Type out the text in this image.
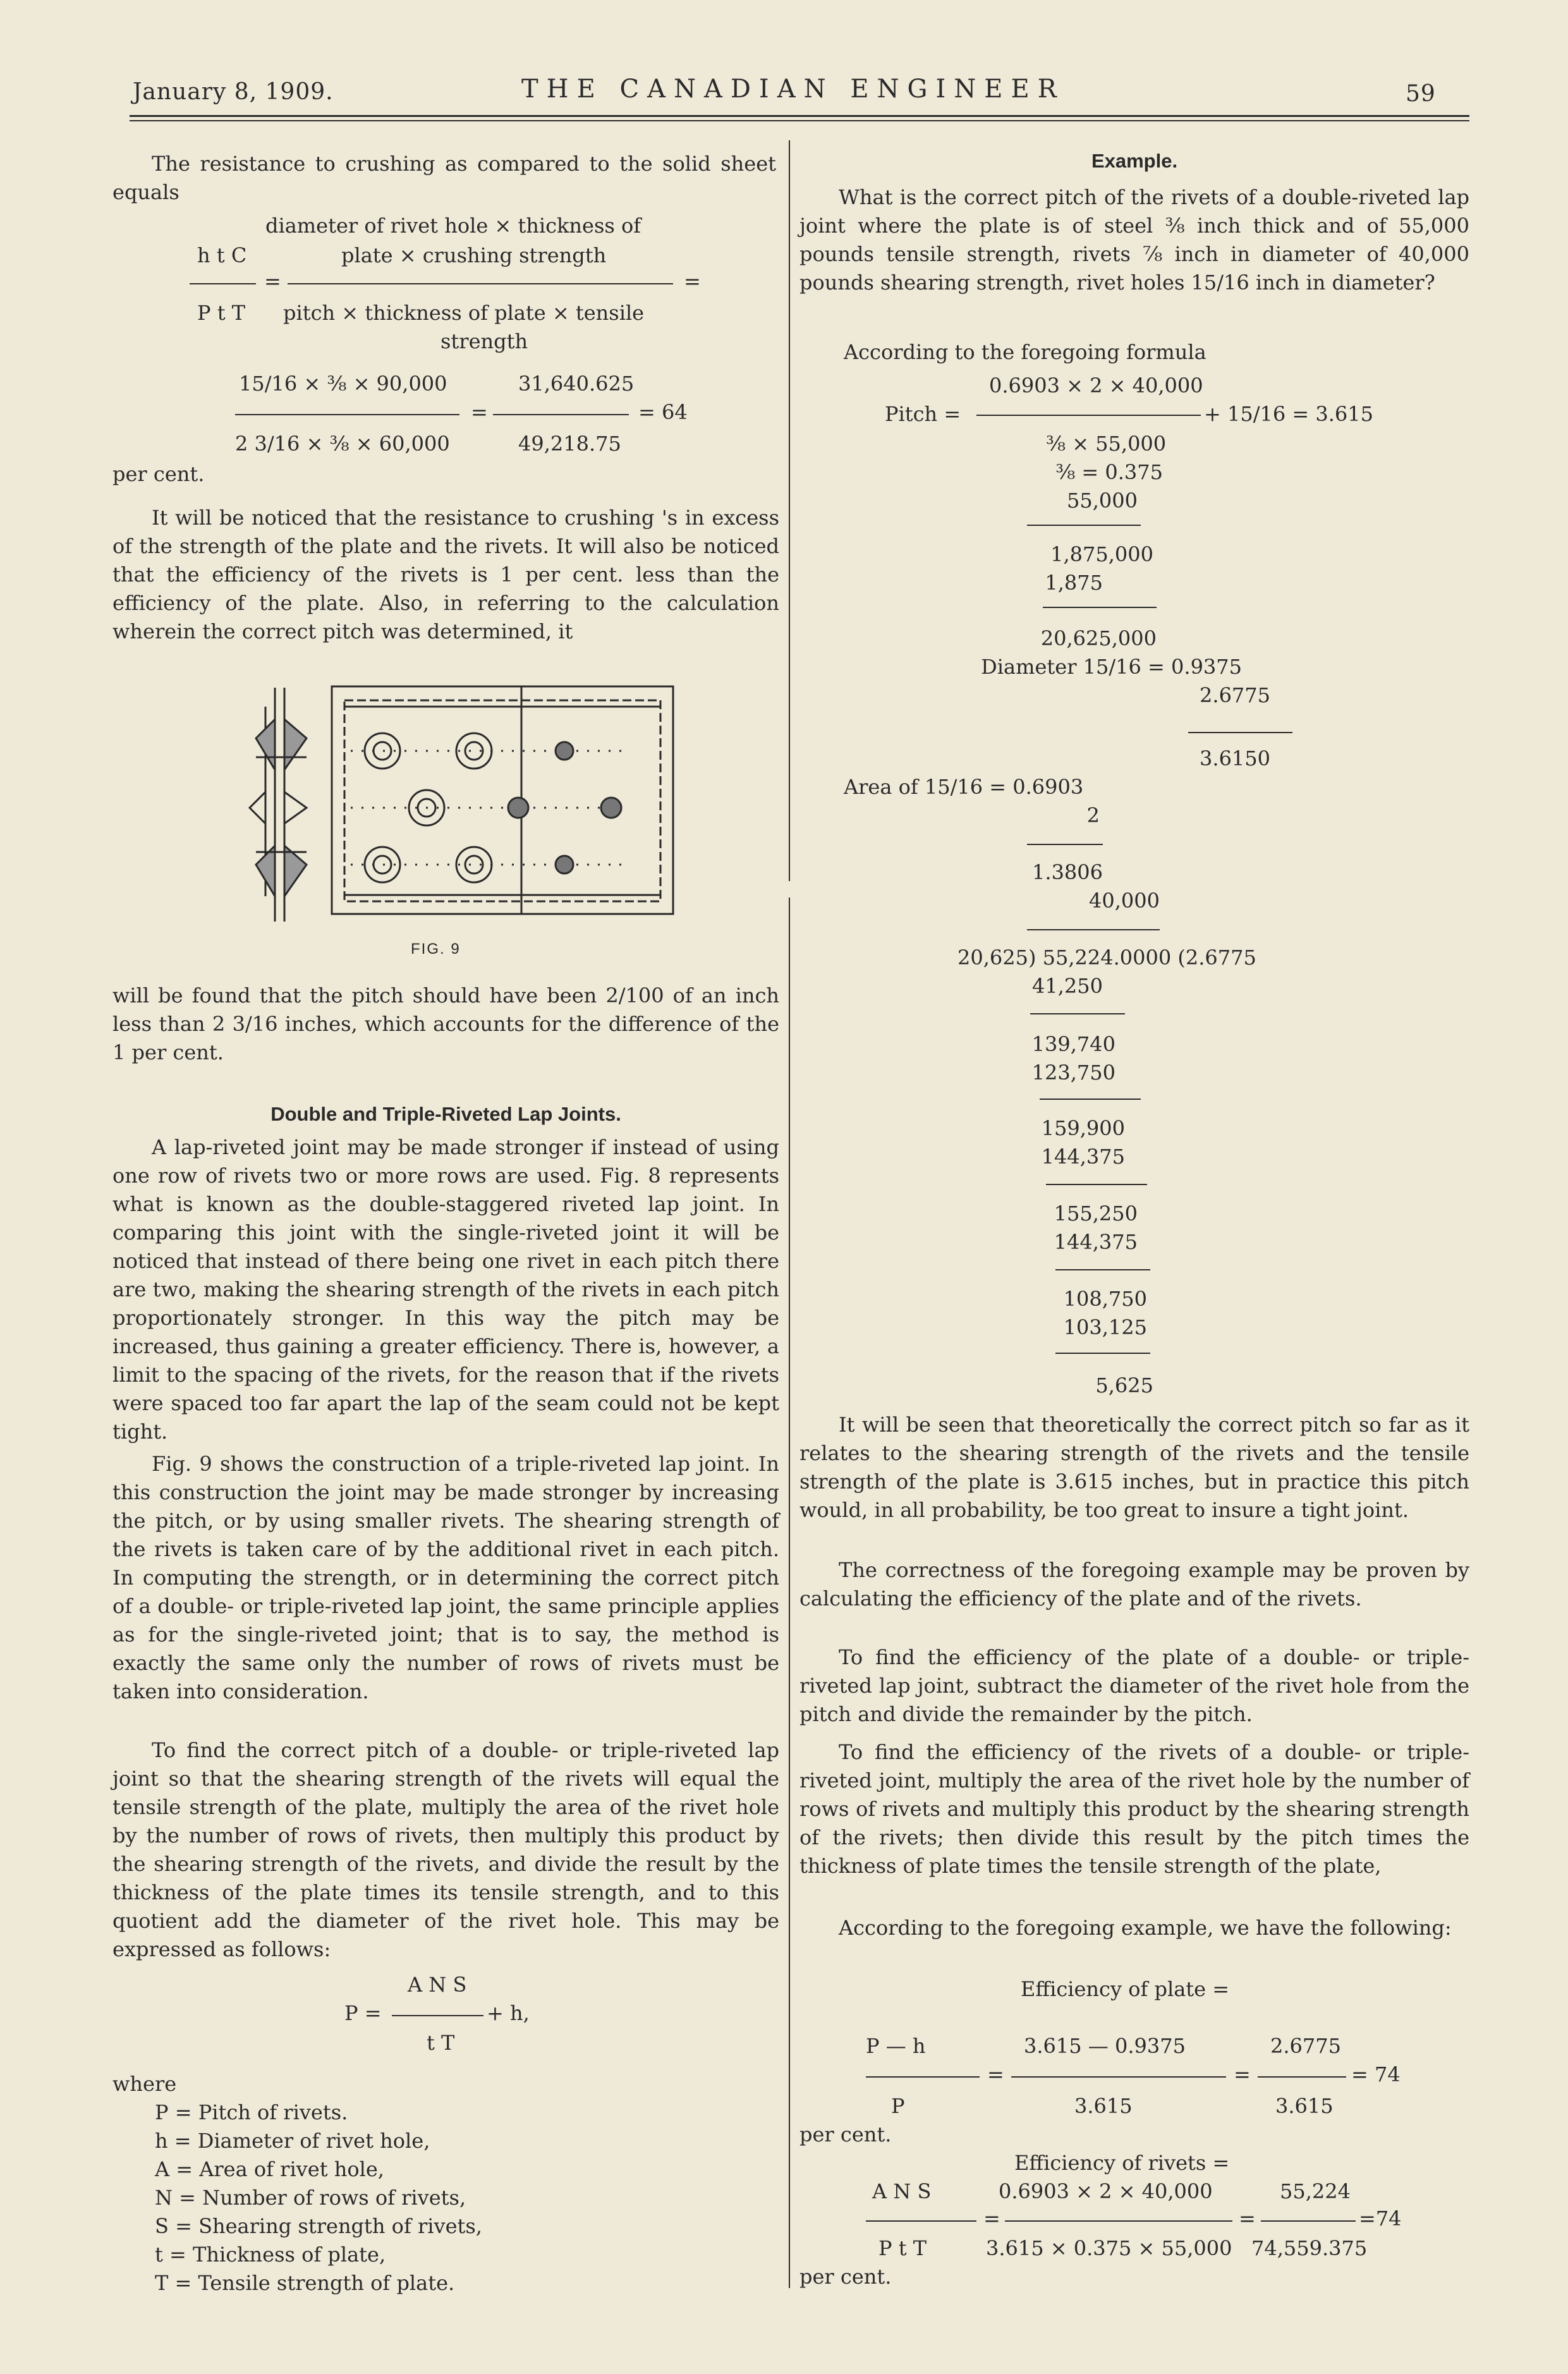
January 8, 1909.	THE CANADIAN ENGINEER	59
The resistance to crushing as compared to the solid sheet equals
diameter of rivet hole × thickness of
h t C	plate × crushing strength
=	=
P t T pitch × thickness of plate × tensile
strength
15/16 × ⅜ × 90,000	31,640.625
=	= 64
2 3/16 × ⅜ × 60,000	49,218.75
per cent.
It will be noticed that the resistance to crushing 's in excess of the strength of the plate and the rivets. It will also be noticed that the efficiency of the rivets is 1 per cent. less than the efficiency of the plate. Also, in referring to the calculation wherein the correct pitch was determined, it
FIG. 9
will be found that the pitch should have been 2/100 of an inch less than 2 3/16 inches, which accounts for the difference of the 1 per cent.
Double and Triple-Riveted Lap Joints.
A lap-riveted joint may be made stronger if instead of using one row of rivets two or more rows are used. Fig. 8 represents what is known as the double-staggered riveted lap joint. In comparing this joint with the single-riveted joint it will be noticed that instead of there being one rivet in each pitch there are two, making the shearing strength of the rivets in each pitch proportionately stronger. In this way the pitch may be increased, thus gaining a greater efficiency. There is, however, a limit to the spacing of the rivets, for the reason that if the rivets were spaced too far apart the lap of the seam could not be kept tight.
Fig. 9 shows the construction of a triple-riveted lap joint. In this construction the joint may be made stronger by increasing the pitch, or by using smaller rivets. The shearing strength of the rivets is taken care of by the additional rivet in each pitch. In computing the strength, or in determining the correct pitch of a double- or triple-riveted lap joint, the same principle applies as for the single-riveted joint; that is to say, the method is exactly the same only the number of rows of rivets must be taken into consideration.
To find the correct pitch of a double- or triple-riveted lap joint so that the shearing strength of the rivets will equal the tensile strength of the plate, multiply the area of the rivet hole by the number of rows of rivets, then multiply this product by the shearing strength of the rivets, and divide the result by the thickness of the plate times its tensile strength, and to this quotient add the diameter of the rivet hole. This may be expressed as follows:
A N S
P =	+ h,
t T
where
P = Pitch of rivets.
h = Diameter of rivet hole,
A = Area of rivet hole,
N = Number of rows of rivets,
S = Shearing strength of rivets,
t = Thickness of plate,
T = Tensile strength of plate.
Example.
What is the correct pitch of the rivets of a double-riveted lap joint where the plate is of steel ⅜ inch thick and of 55,000 pounds tensile strength, rivets ⅞ inch in diameter of 40,000 pounds shearing strength, rivet holes 15/16 inch in diameter?
According to the foregoing formula
0.6903 × 2 × 40,000
Pitch =	+ 15/16 = 3.615
⅜ × 55,000
⅜ = 0.375
55,000
1,875,000
1,875
20,625,000
Diameter 15/16 = 0.9375
2.6775
3.6150
Area of 15/16 = 0.6903
2
1.3806
40,000
20,625) 55,224.0000 (2.6775
41,250
139,740
123,750
159,900
144,375
155,250
144,375
108,750
103,125
5,625
It will be seen that theoretically the correct pitch so far as it relates to the shearing strength of the rivets and the tensile strength of the plate is 3.615 inches, but in practice this pitch would, in all probability, be too great to insure a tight joint.
The correctness of the foregoing example may be proven by calculating the efficiency of the plate and of the rivets.
To find the efficiency of the plate of a double- or triple-riveted lap joint, subtract the diameter of the rivet hole from the pitch and divide the remainder by the pitch.
To find the efficiency of the rivets of a double- or triple-riveted joint, multiply the area of the rivet hole by the number of rows of rivets and multiply this product by the shearing strength of the rivets; then divide this result by the pitch times the thickness of plate times the tensile strength of the plate,
According to the foregoing example, we have the following:
Efficiency of plate =
P — h	3.615 — 0.9375	2.6775
=	=	= 74
P	3.615	3.615
per cent.
Efficiency of rivets =
A N S	0.6903 × 2 × 40,000	55,224
=	=	=74
P t T	3.615 × 0.375 × 55,000 74,559.375
per cent.
